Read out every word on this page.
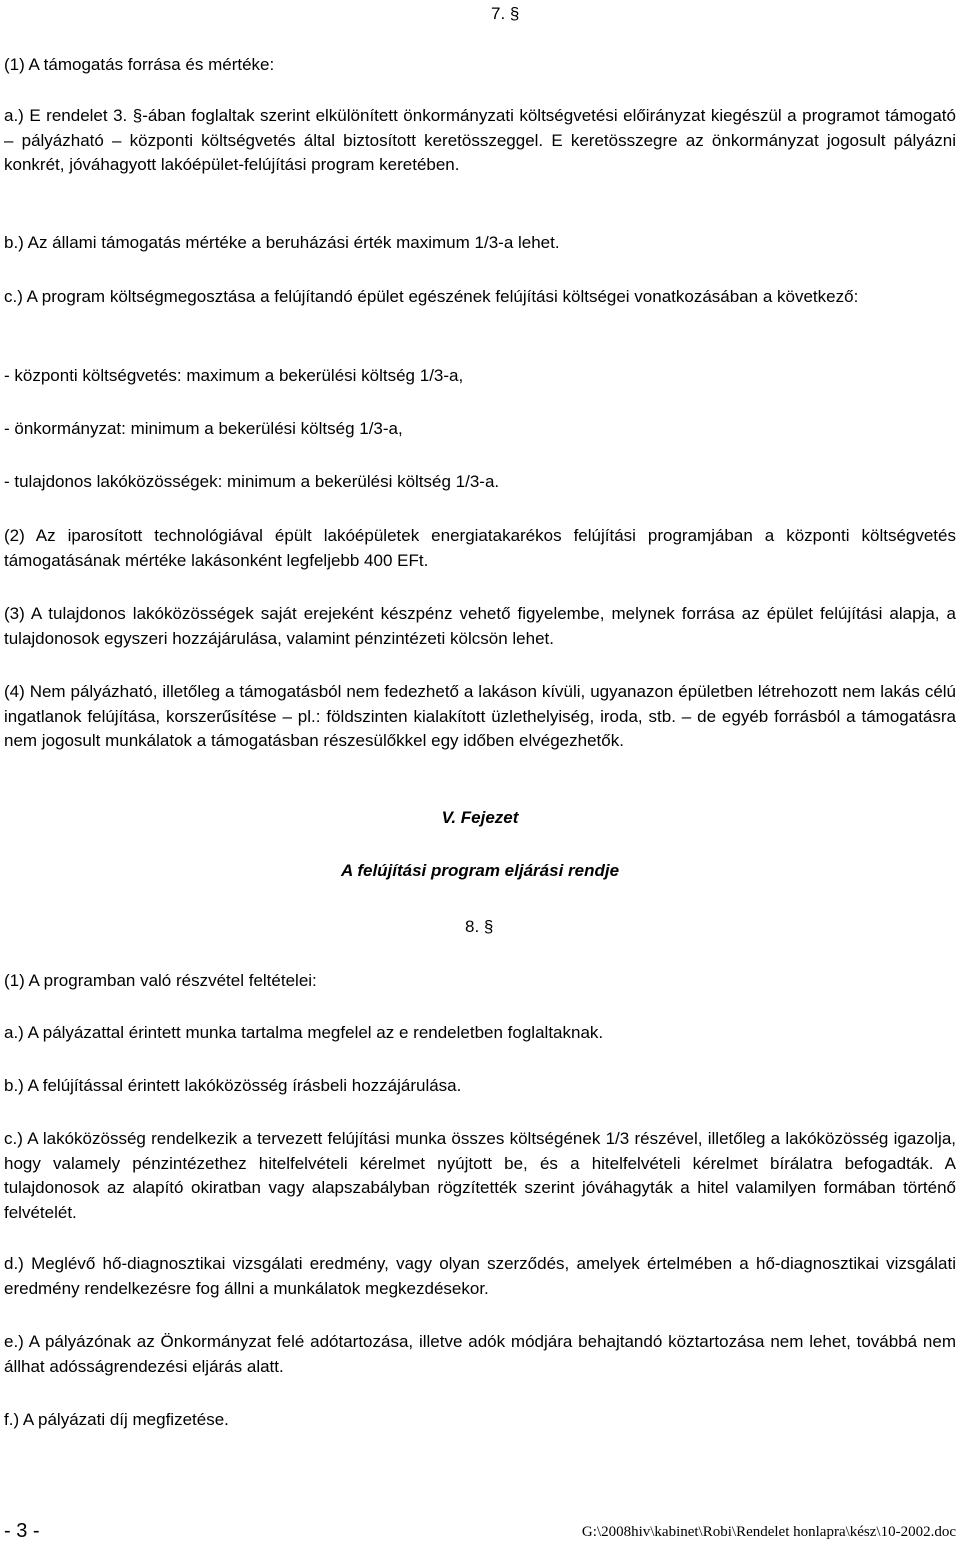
7. §

(1) A támogatás forrása és mértéke:

a.) E rendelet 3. §-ában foglaltak szerint elkülönített önkormányzati költségvetési előirányzat kiegészül a programot támogató – pályázható – központi költségvetés által biztosított keretösszeggel. E keretösszegre az önkormányzat jogosult pályázni konkrét, jóváhagyott lakóépület-felújítási program keretében.

b.) Az állami támogatás mértéke a beruházási érték maximum 1/3-a lehet.

c.) A program költségmegosztása a felújítandó épület egészének felújítási költségei vonatkozásában a következő:

- központi költségvetés: maximum a bekerülési költség 1/3-a,

- önkormányzat: minimum a bekerülési költség 1/3-a,

- tulajdonos lakóközösségek: minimum a bekerülési költség 1/3-a.

(2) Az iparosított technológiával épült lakóépületek energiatakarékos felújítási programjában a központi költségvetés támogatásának mértéke lakásonként legfeljebb 400 EFt.

(3) A tulajdonos lakóközösségek saját erejeként készpénz vehető figyelembe, melynek forrása az épület felújítási alapja, a tulajdonosok egyszeri hozzájárulása, valamint pénzintézeti kölcsön lehet.

(4) Nem pályázható, illetőleg a támogatásból nem fedezhető a lakáson kívüli, ugyanazon épületben létrehozott nem lakás célú ingatlanok felújítása, korszerűsítése – pl.: földszinten kialakított üzlethelyiség, iroda, stb. – de egyéb forrásból a támogatásra nem jogosult munkálatok a támogatásban részesülőkkel egy időben elvégezhetők.

V. Fejezet
A felújítási program eljárási rendje
8. §

(1) A programban való részvétel feltételei:

a.) A pályázattal érintett munka tartalma megfelel az e rendeletben foglaltaknak.

b.) A felújítással érintett lakóközösség írásbeli hozzájárulása.

c.) A lakóközösség rendelkezik a tervezett felújítási munka összes költségének 1/3 részével, illetőleg a lakóközösség igazolja, hogy valamely pénzintézethez hitelfelvételi kérelmet nyújtott be, és a hitelfelvételi kérelmet bírálatra befogadták. A tulajdonosok az alapító okiratban vagy alapszabályban rögzítették szerint jóváhagyták a hitel valamilyen formában történő felvételét.

d.) Meglévő hő-diagnosztikai vizsgálati eredmény, vagy olyan szerződés, amelyek értelmében a hő-diagnosztikai vizsgálati eredmény rendelkezésre fog állni a munkálatok megkezdésekor.

e.) A pályázónak az Önkormányzat felé adótartozása, illetve adók módjára behajtandó köztartozása nem lehet, továbbá nem állhat adósságrendezési eljárás alatt.

f.) A pályázati díj megfizetése.

- 3 -	G:\2008hiv\kabinet\Robi\Rendelet honlapra\kész\10-2002.doc
